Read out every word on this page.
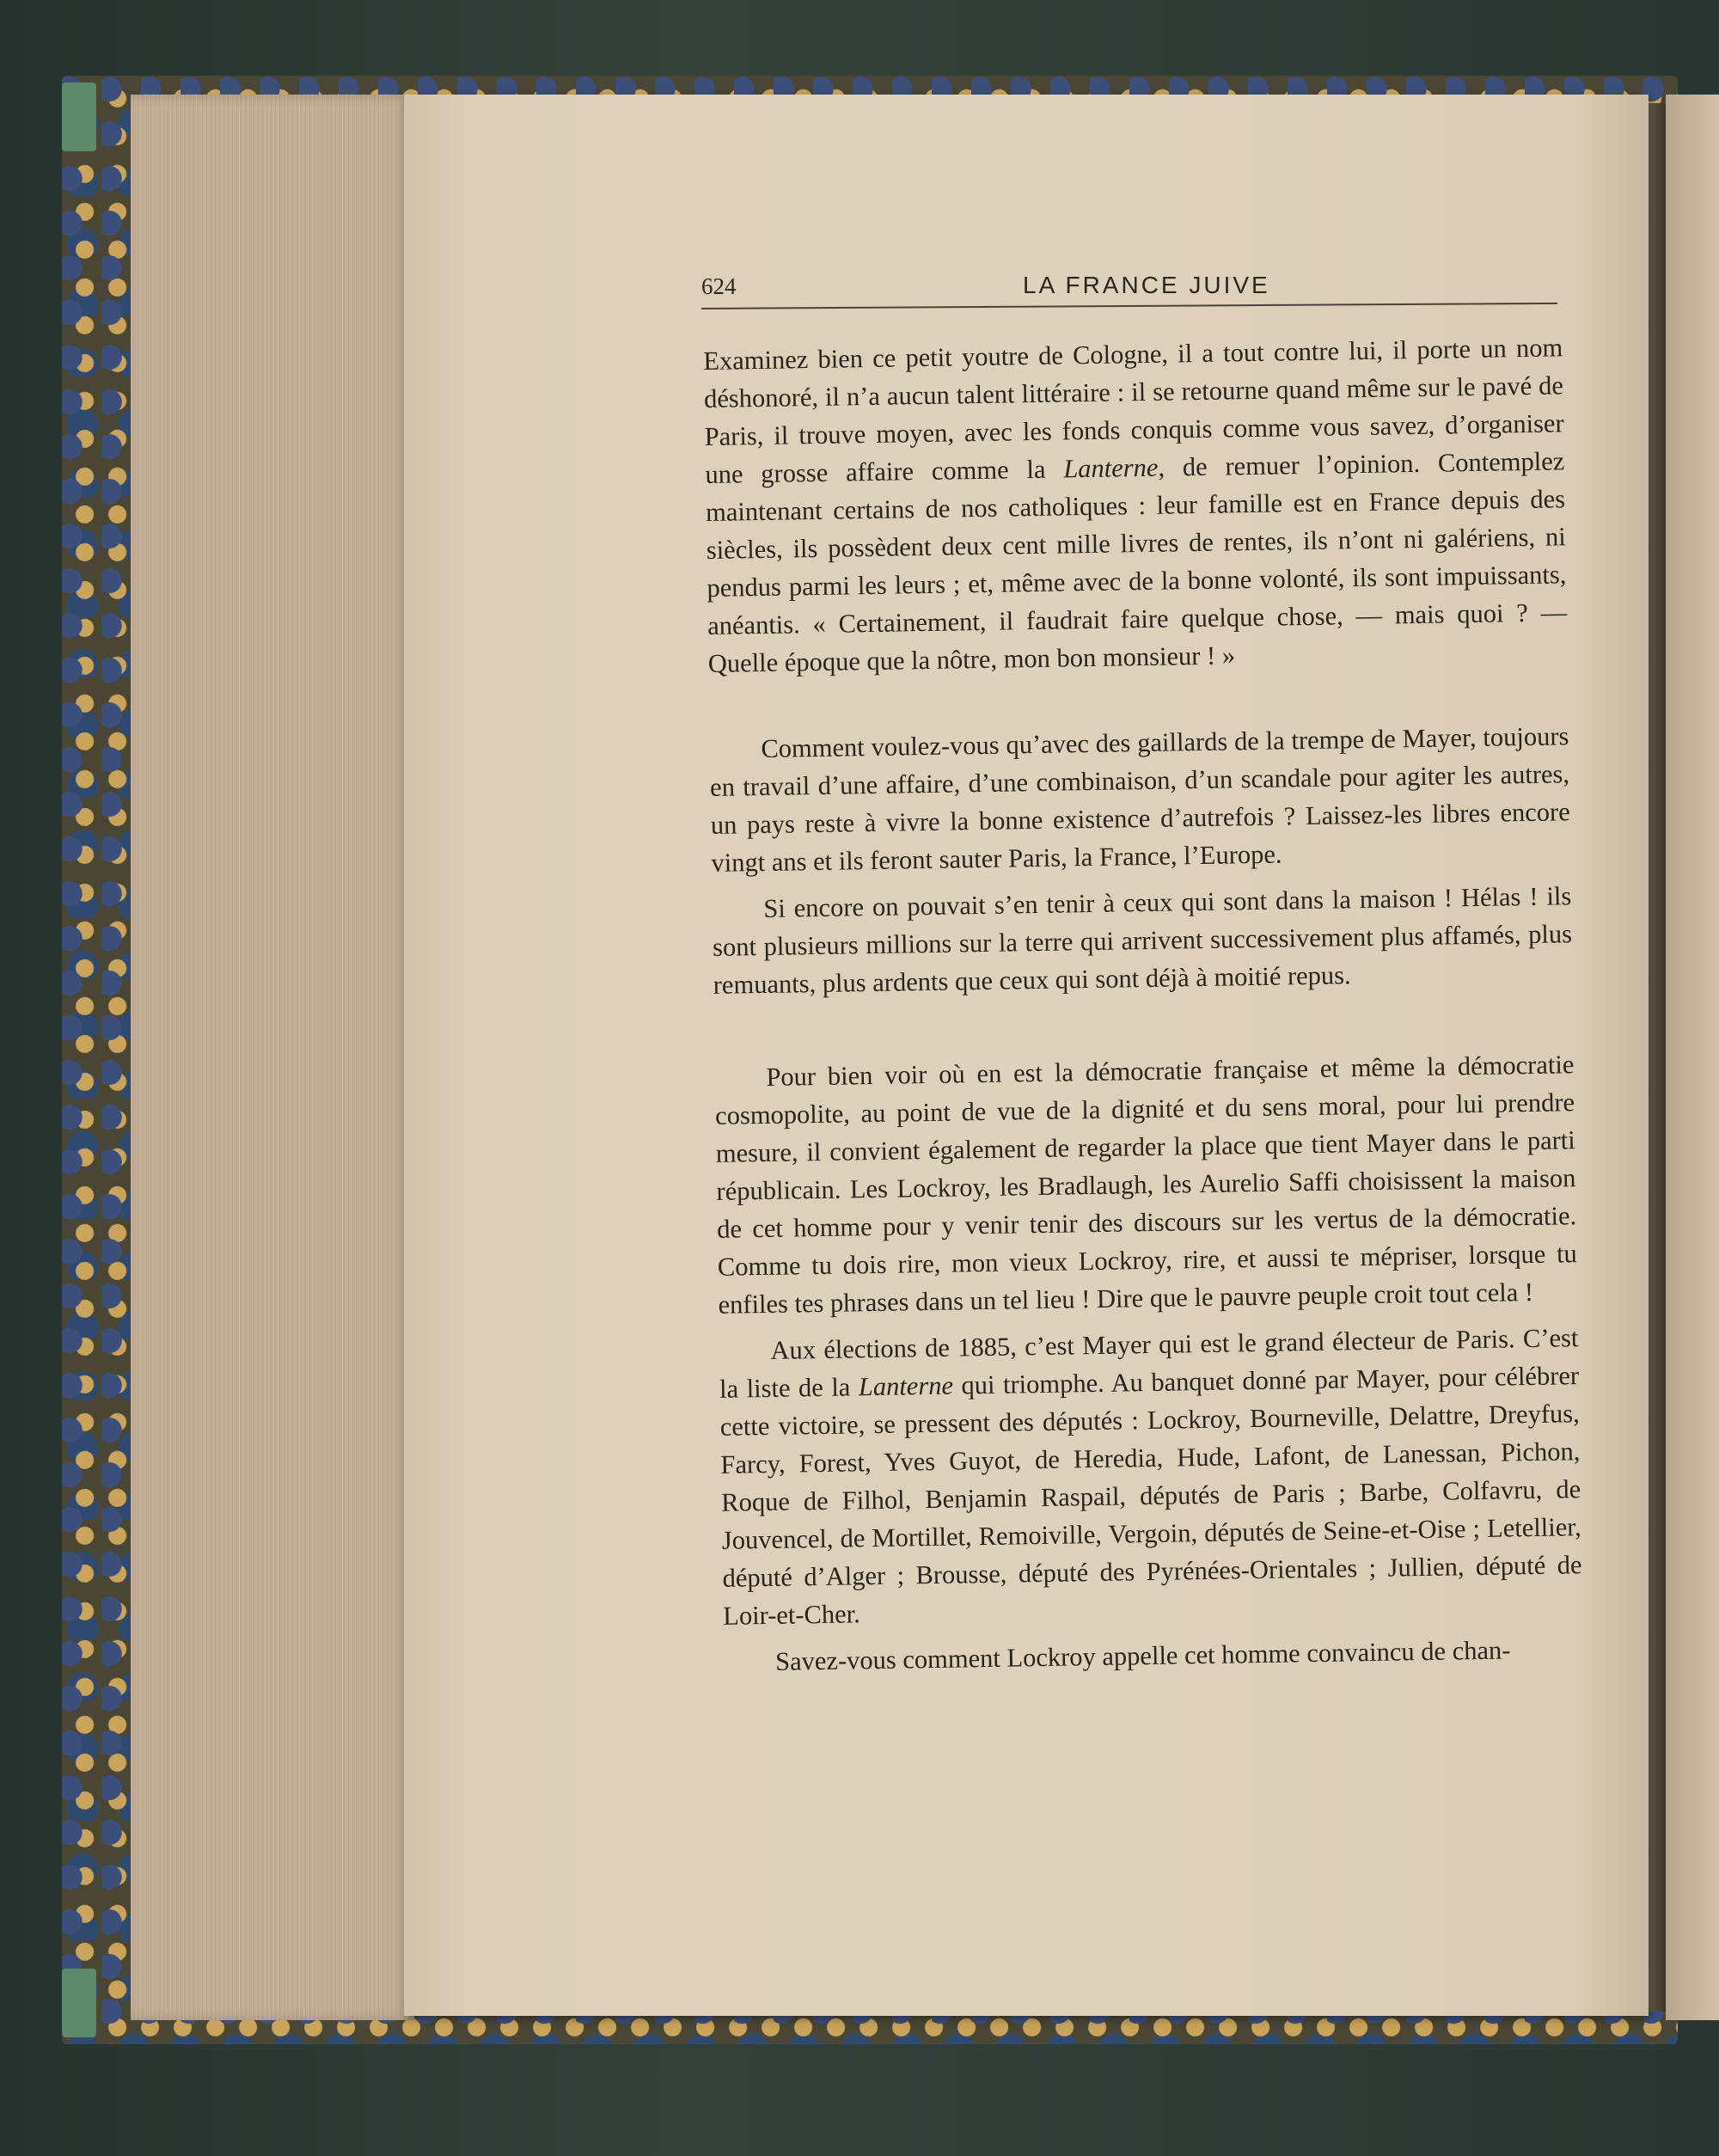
624	LA FRANCE JUIVE

Examinez bien ce petit youtre de Cologne, il a tout contre lui, il porte un nom déshonoré, il n’a aucun talent littéraire : il se retourne quand même sur le pavé de Paris, il trouve moyen, avec les fonds conquis comme vous savez, d’organiser une grosse affaire comme la Lanterne, de remuer l’opinion. Contemplez maintenant certains de nos catholiques : leur famille est en France depuis des siècles, ils possèdent deux cent mille livres de rentes, ils n’ont ni galériens, ni pendus parmi les leurs ; et, même avec de la bonne volonté, ils sont impuissants, anéantis. « Certainement, il faudrait faire quelque chose, — mais quoi ? — Quelle époque que la nôtre, mon bon monsieur ! »

Comment voulez-vous qu’avec des gaillards de la trempe de Mayer, toujours en travail d’une affaire, d’une combinaison, d’un scandale pour agiter les autres, un pays reste à vivre la bonne existence d’autrefois ? Laissez-les libres encore vingt ans et ils feront sauter Paris, la France, l’Europe.

Si encore on pouvait s’en tenir à ceux qui sont dans la maison ! Hélas ! ils sont plusieurs millions sur la terre qui arrivent successivement plus affamés, plus remuants, plus ardents que ceux qui sont déjà à moitié repus.

Pour bien voir où en est la démocratie française et même la démocratie cosmopolite, au point de vue de la dignité et du sens moral, pour lui prendre mesure, il convient également de regarder la place que tient Mayer dans le parti républicain. Les Lockroy, les Bradlaugh, les Aurelio Saffi choisissent la maison de cet homme pour y venir tenir des discours sur les vertus de la démocratie. Comme tu dois rire, mon vieux Lockroy, rire, et aussi te mépriser, lorsque tu enfiles tes phrases dans un tel lieu ! Dire que le pauvre peuple croit tout cela !

Aux élections de 1885, c’est Mayer qui est le grand électeur de Paris. C’est la liste de la Lanterne qui triomphe. Au banquet donné par Mayer, pour célébrer cette victoire, se pressent des députés : Lockroy, Bourneville, Delattre, Dreyfus, Farcy, Forest, Yves Guyot, de Heredia, Hude, Lafont, de Lanessan, Pichon, Roque de Filhol, Benjamin Raspail, députés de Paris ; Barbe, Colfavru, de Jouvencel, de Mortillet, Remoiville, Vergoin, députés de Seine-et-Oise ; Letellier, député d’Alger ; Brousse, député des Pyrénées-Orientales ; Jullien, député de Loir-et-Cher.

Savez-vous comment Lockroy appelle cet homme convaincu de chan-
